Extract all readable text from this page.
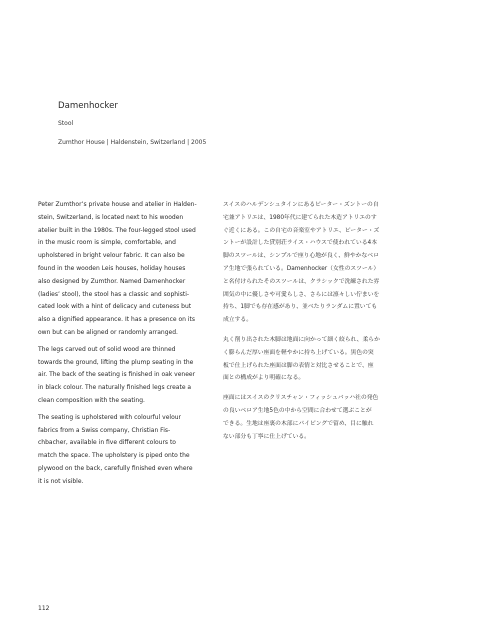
Damenhocker
Stool
Zumthor House | Haldenstein, Switzerland | 2005

Peter Zumthor’s private house and atelier in Halden-
stein, Switzerland, is located next to his wooden
atelier built in the 1980s. The four-legged stool used
in the music room is simple, comfortable, and
upholstered in bright velour fabric. It can also be
found in the wooden Leis houses, holiday houses
also designed by Zumthor. Named Damenhocker
(ladies’ stool), the stool has a classic and sophisti-
cated look with a hint of delicacy and cuteness but
also a dignified appearance. It has a presence on its
own but can be aligned or randomly arranged.

The legs carved out of solid wood are thinned
towards the ground, lifting the plump seating in the
air. The back of the seating is finished in oak veneer
in black colour. The naturally finished legs create a
clean composition with the seating.

The seating is upholstered with colourful velour
fabrics from a Swiss company, Christian Fis-
chbacher, available in five different colours to
match the space. The upholstery is piped onto the
plywood on the back, carefully finished even where
it is not visible.

スイスのハルデンシュタインにあるピーター・ズントーの自
宅兼アトリエは、1980年代に建てられた木造アトリエのす
ぐ近くにある。この自宅の音楽室やアトリエ、ピーター・ズ
ントーが設計した貸別荘ライス・ハウスで使われている4本
脚のスツールは、シンプルで座り心地が良く、鮮やかなベロ
ア生地で張られている。Damenhocker（女性のスツール）
と名付けられたそのスツールは、クラシックで洗練された雰
囲気の中に優しさや可愛らしさ、さらには凛々しい佇まいを
持ち、1脚でも存在感があり、並べたりランダムに置いても
成立する。

丸く削り出された木脚は地面に向かって細く絞られ、柔らか
く膨らんだ厚い座面を軽やかに持ち上げている。黒色の突
板で仕上げられた座面は脚の表情と対比させることで、座
面との構成がより明確になる。

座面にはスイスのクリスチャン・フィッシュバッハ社の発色
の良いベロア生地5色の中から空間に合わせて選ぶことが
できる。生地は座裏の木部にパイピングで留め、目に触れ
ない部分も丁寧に仕上げている。

112
